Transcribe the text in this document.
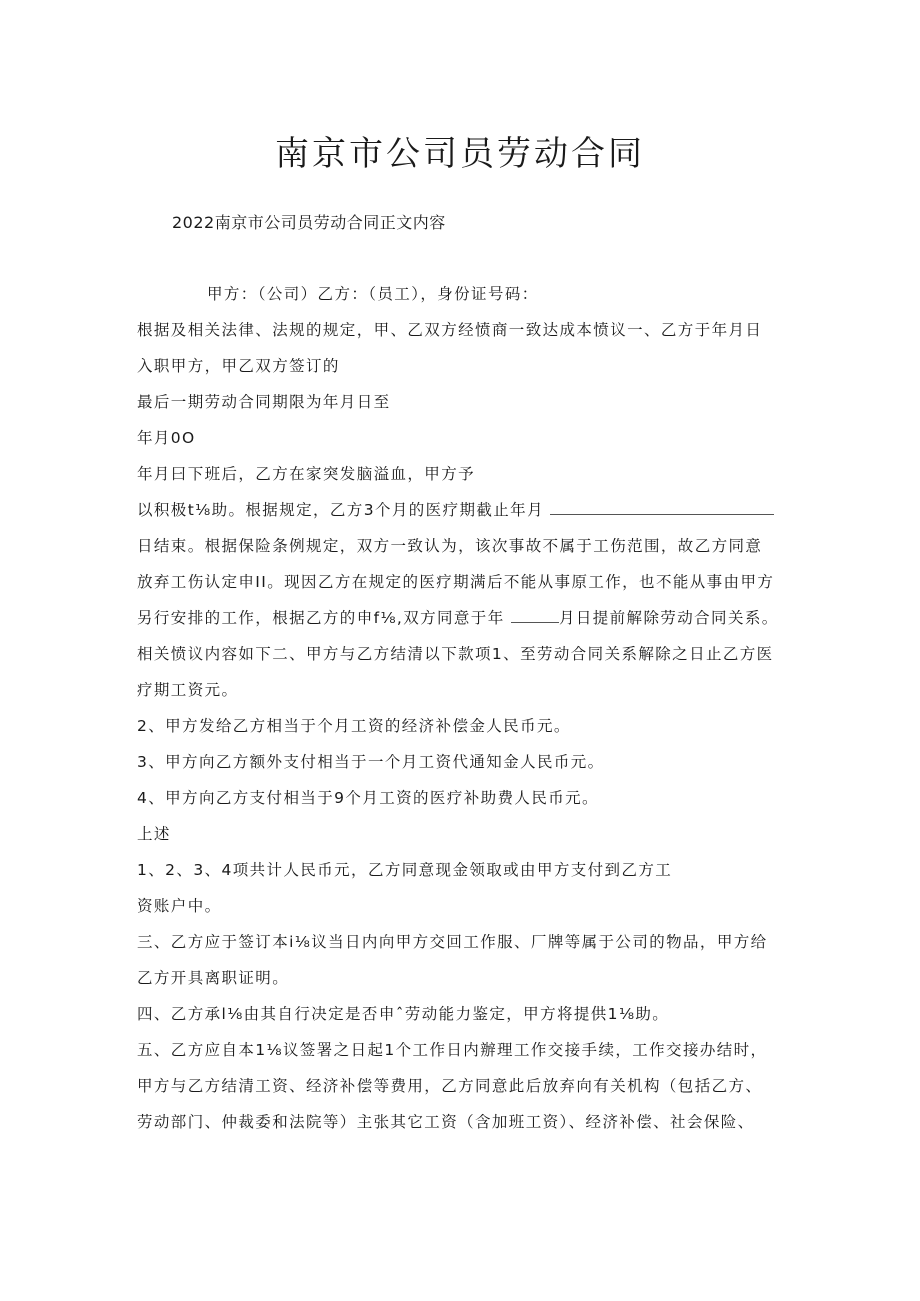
南京市公司员劳动合同

2022南京市公司员劳动合同正文内容

甲方：（公司）乙方：（员工），身份证号码：

根据及相关法律、法规的规定，甲、乙双方经愤商一致达成本愤议一、乙方于年月日

入职甲方，甲乙双方签订的

最后一期劳动合同期限为年月日至

年月0O

年月曰下班后，乙方在家突发脑溢血，甲方予

以积极t⅛助。根据规定，乙方3个月的医疗期截止年月

日结束。根据保险条例规定，双方一致认为，该次事故不属于工伤范围，故乙方同意

放弃工伤认定申II。现因乙方在规定的医疗期满后不能从事原工作，也不能从事由甲方

另行安排的工作，根据乙方的申f⅛,双方同意于年	月日提前解除劳动合同关系。

相关愤议内容如下二、甲方与乙方结清以下款项1、至劳动合同关系解除之日止乙方医

疗期工资元。

2、甲方发给乙方相当于个月工资的经济补偿金人民币元。

3、甲方向乙方额外支付相当于一个月工资代通知金人民币元。

4、甲方向乙方支付相当于9个月工资的医疗补助费人民币元。

上述

1、2、3、4项共计人民币元，乙方同意现金领取或由甲方支付到乙方工

资账户中。

三、乙方应于签订本i⅛议当日内向甲方交回工作服、厂牌等属于公司的物品，甲方给

乙方开具离职证明。

四、乙方承l⅛由其自行决定是否申ˆ劳动能力鉴定，甲方将提供1⅛助。

五、乙方应自本1⅛议签署之日起1个工作日内辦理工作交接手续，工作交接办结时，

甲方与乙方结清工资、经济补偿等费用，乙方同意此后放弃向有关机构（包括乙方、

劳动部门、仲裁委和法院等）主张其它工资（含加班工资）、经济补偿、社会保险、
